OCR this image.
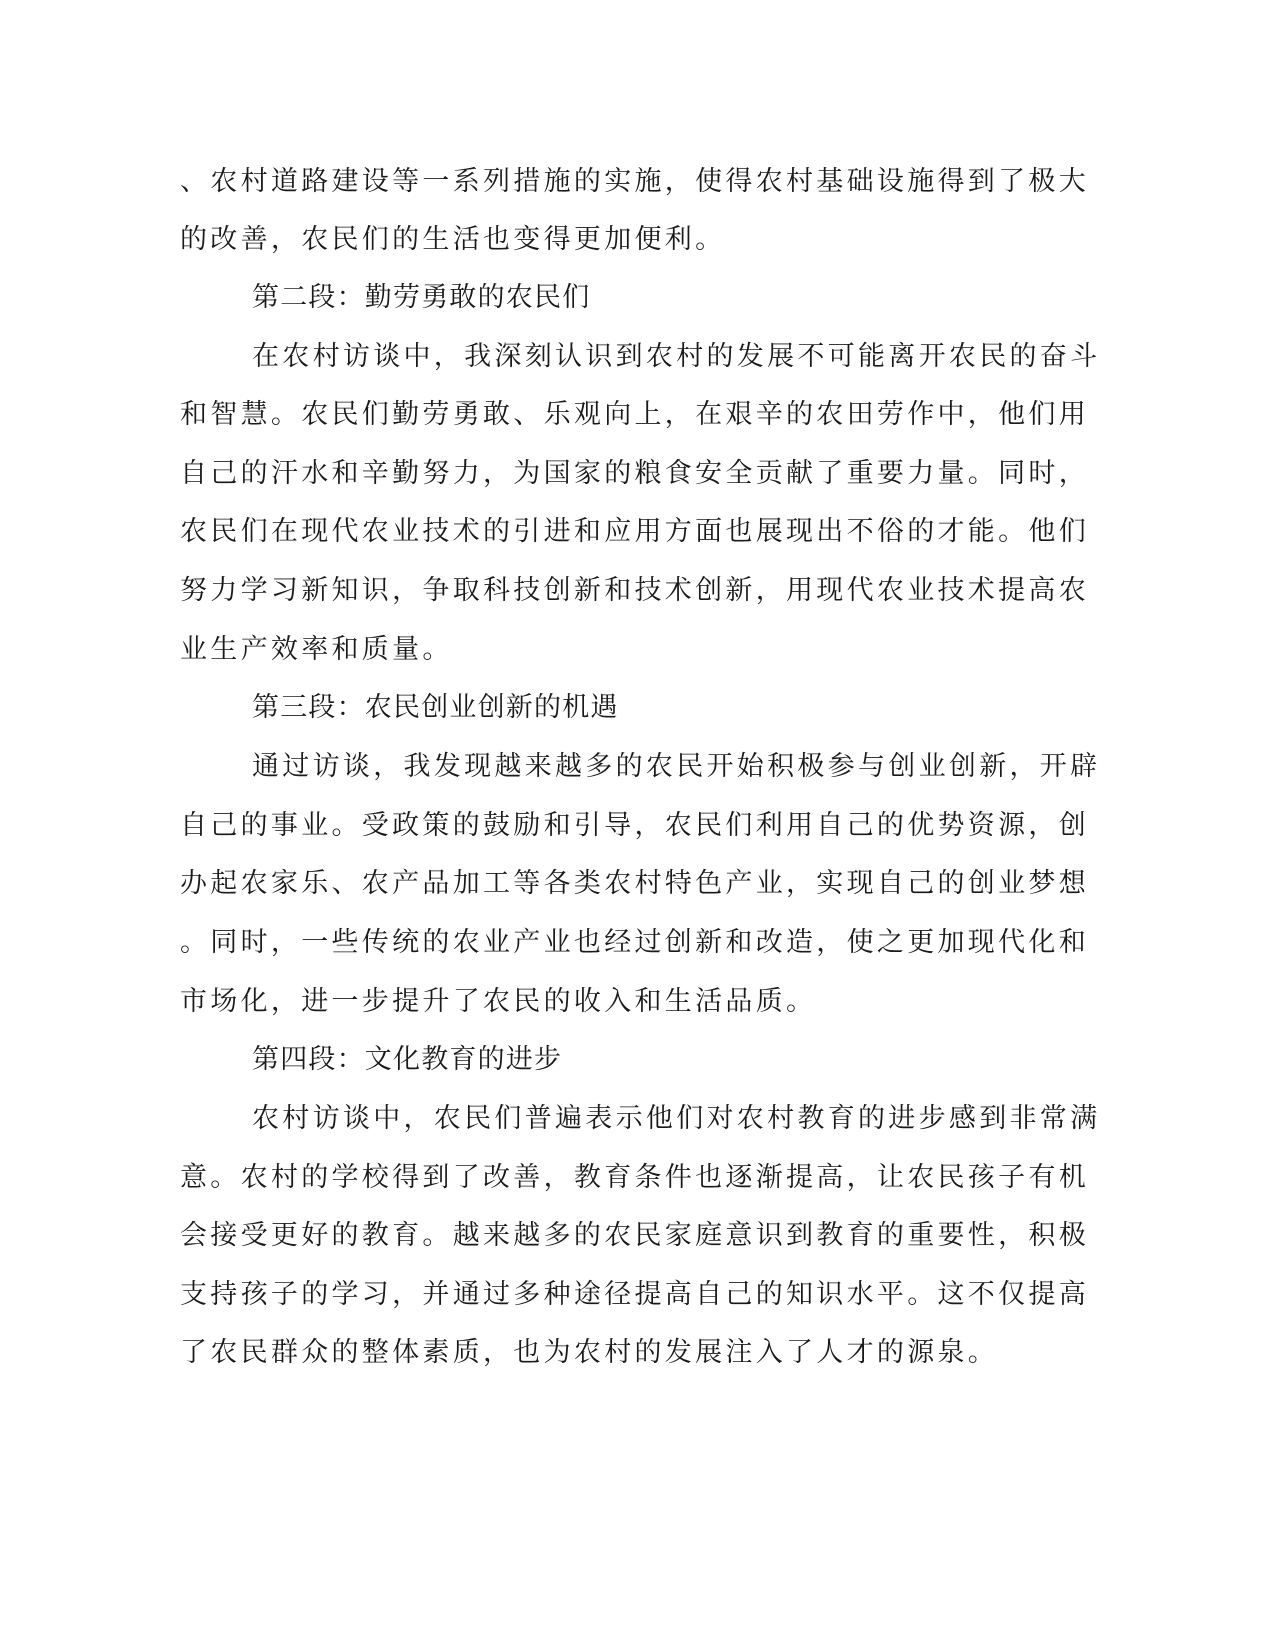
、农村道路建设等一系列措施的实施，使得农村基础设施得到了极大

的改善，农民们的生活也变得更加便利。

第二段：勤劳勇敢的农民们

在农村访谈中，我深刻认识到农村的发展不可能离开农民的奋斗

和智慧。农民们勤劳勇敢、乐观向上，在艰辛的农田劳作中，他们用

自己的汗水和辛勤努力，为国家的粮食安全贡献了重要力量。同时，

农民们在现代农业技术的引进和应用方面也展现出不俗的才能。他们

努力学习新知识，争取科技创新和技术创新，用现代农业技术提高农

业生产效率和质量。

第三段：农民创业创新的机遇

通过访谈，我发现越来越多的农民开始积极参与创业创新，开辟

自己的事业。受政策的鼓励和引导，农民们利用自己的优势资源，创

办起农家乐、农产品加工等各类农村特色产业，实现自己的创业梦想

。同时，一些传统的农业产业也经过创新和改造，使之更加现代化和

市场化，进一步提升了农民的收入和生活品质。

第四段：文化教育的进步

农村访谈中，农民们普遍表示他们对农村教育的进步感到非常满

意。农村的学校得到了改善，教育条件也逐渐提高，让农民孩子有机

会接受更好的教育。越来越多的农民家庭意识到教育的重要性，积极

支持孩子的学习，并通过多种途径提高自己的知识水平。这不仅提高

了农民群众的整体素质，也为农村的发展注入了人才的源泉。
